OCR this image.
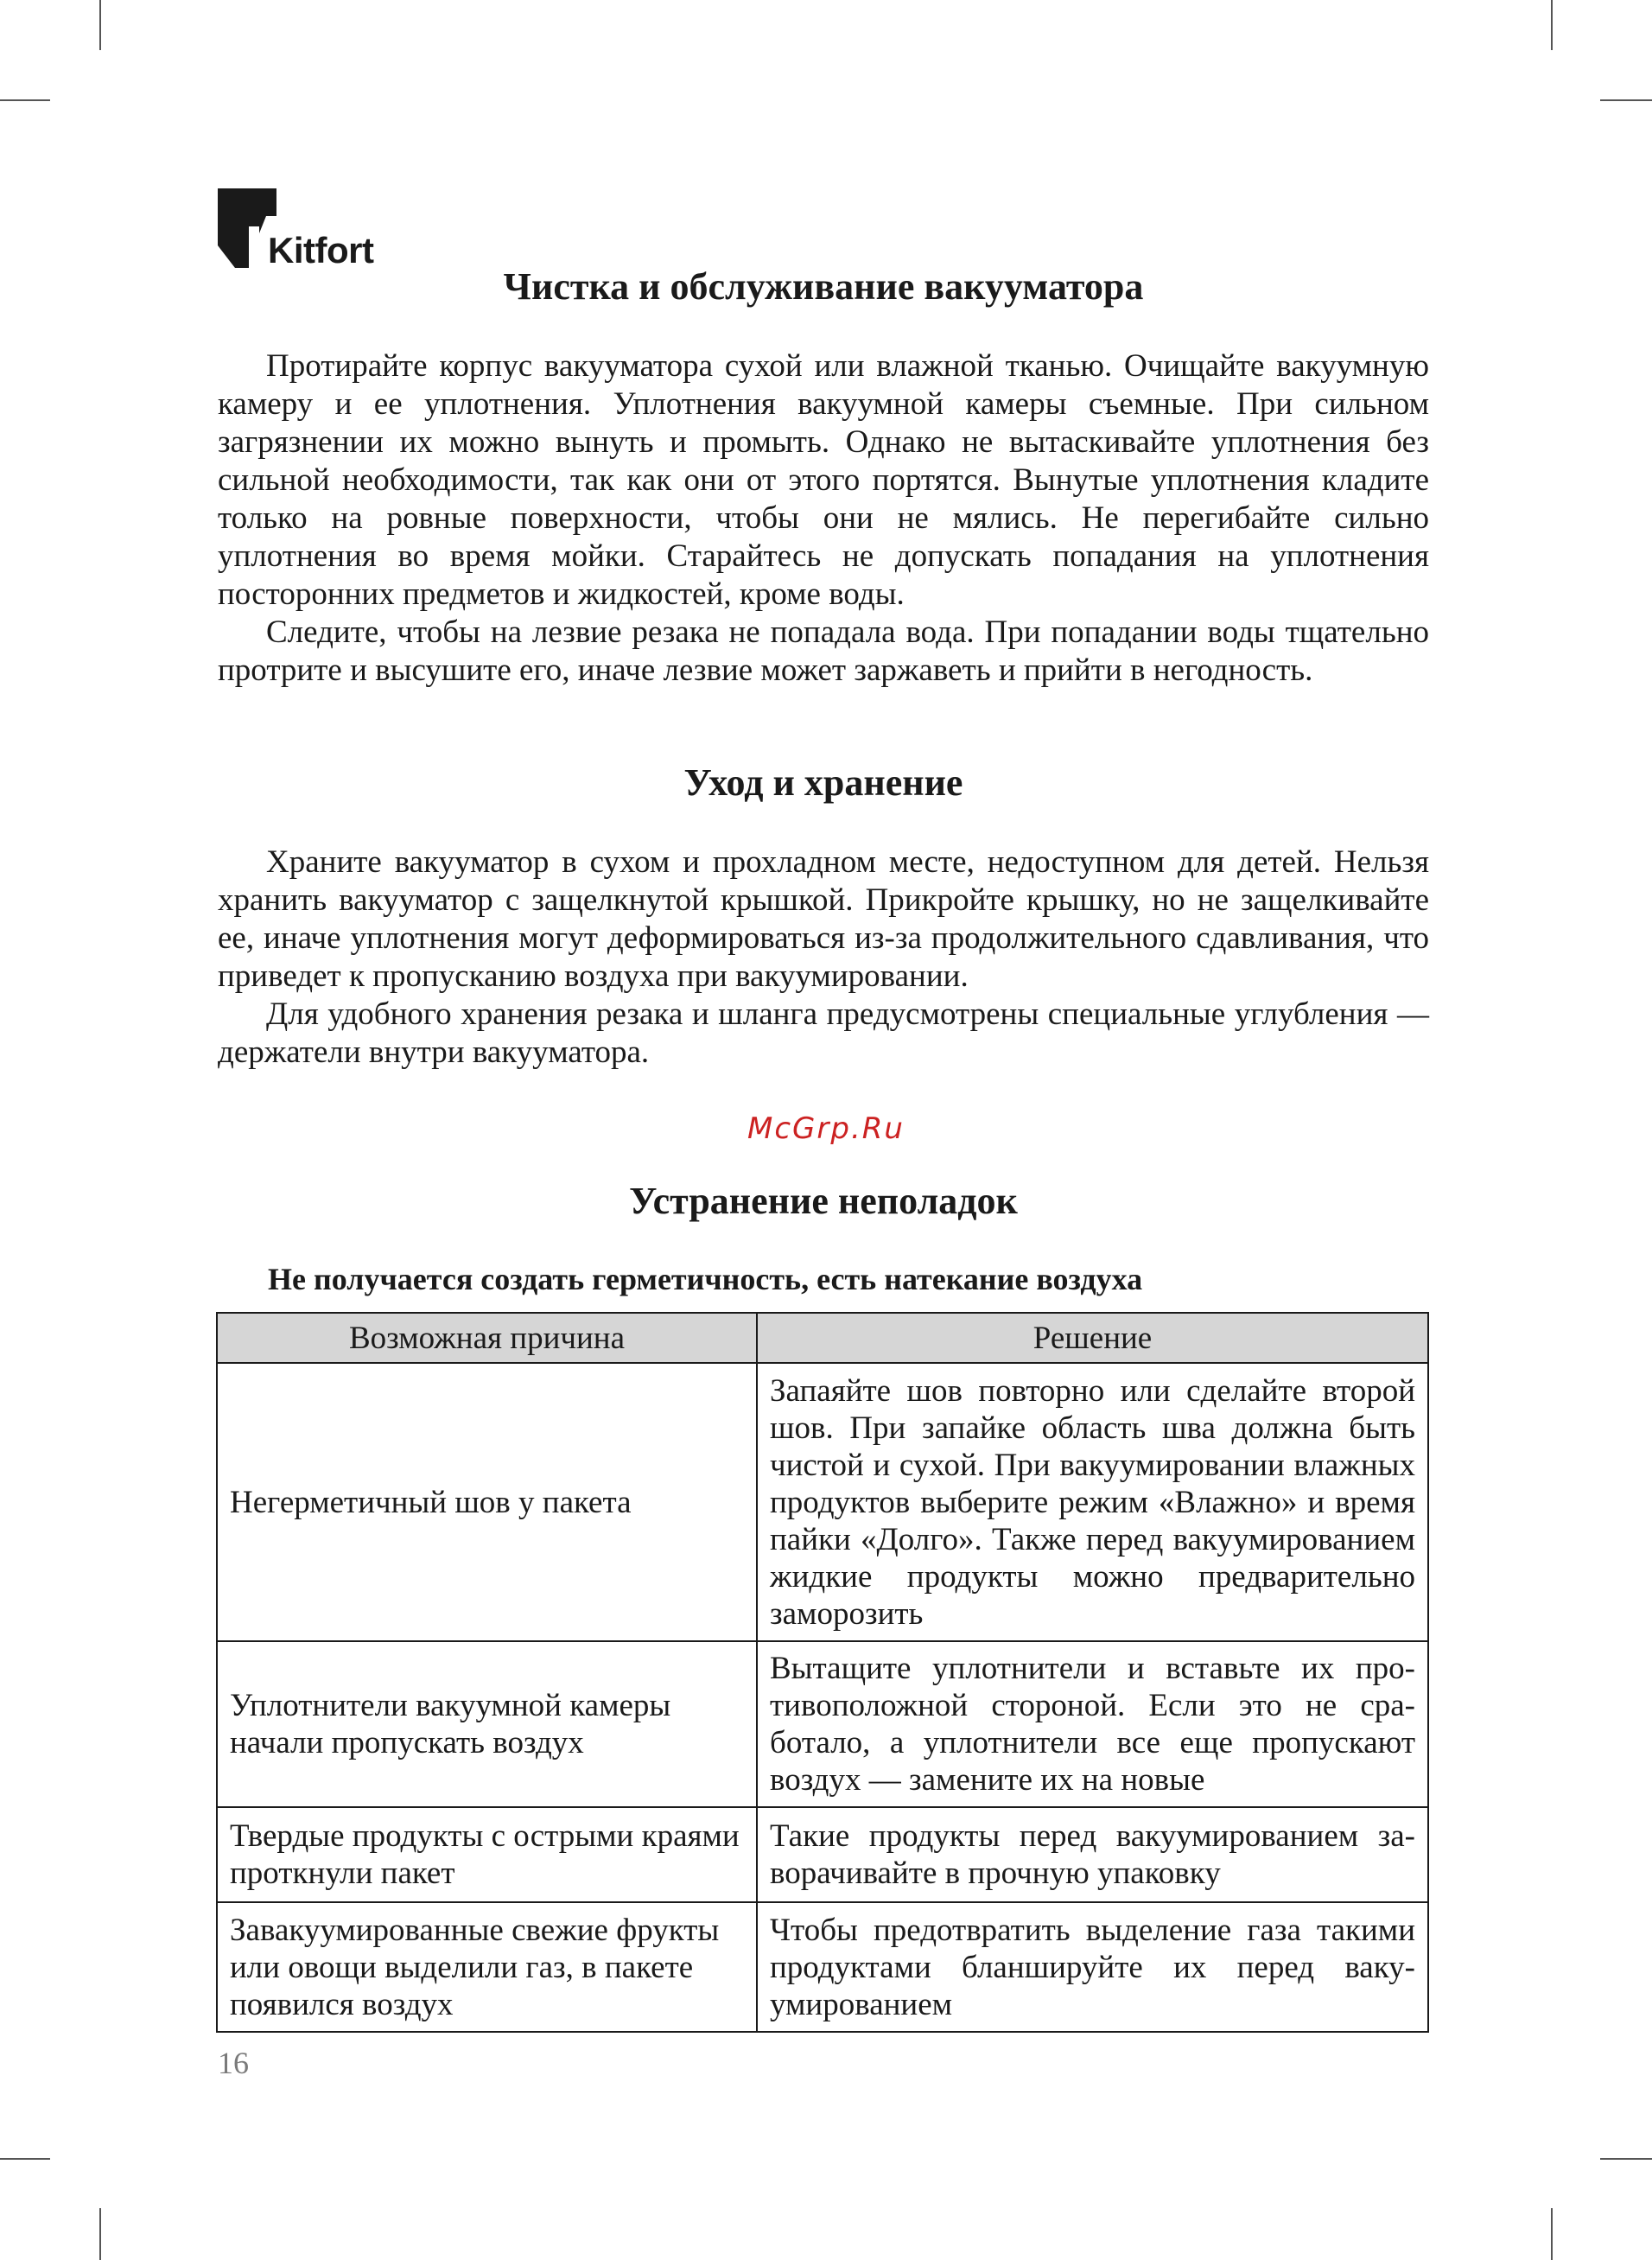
Kitfort
Чистка и обслуживание вакууматора

Протирайте корпус вакууматора сухой или влажной тканью. Очищайте вакуумную камеру и ее уплотнения. Уплотнения вакуумной камеры съемные. При сильном загрязнении их можно вынуть и промыть. Однако не вытаскивайте уплотнения без сильной необходимости, так как они от этого портятся. Вынутые уплотнения кладите только на ровные поверхности, чтобы они не мялись. Не перегибайте сильно уплотнения во время мойки. Старайтесь не допускать попадания на уплотнения посторонних предметов и жидкостей, кроме воды.

Следите, чтобы на лезвие резака не попадала вода. При попадании воды тщательно протрите и высушите его, иначе лезвие может заржаветь и прийти в негодность.

Уход и хранение

Храните вакууматор в сухом и прохладном месте, недоступном для детей. Нельзя хранить вакууматор с защелкнутой крышкой. Прикройте крышку, но не защелкивайте ее, иначе уплотнения могут деформироваться из-за продолжительного сдавливания, что приведет к пропусканию воздуха при вакуумировании.

Для удобного хранения резака и шланга предусмотрены специальные углубления — держатели внутри вакууматора.

McGrp.Ru
Устранение неполадок
Не получается создать герметичность, есть натекание воздуха
Возможная причина	Решение
Негерметичный шов у пакета	Запаяйте шов повторно или сделайте второй шов. При запайке область шва должна быть чистой и сухой. При вакуумировании влажных продуктов выберите режим «Влажно» и время пайки «Долго». Также перед вакуумированием жидкие продукты можно предварительно заморозить
Уплотнители вакуумной камеры начали пропускать воздух	Вытащите уплотнители и вставьте их противоположной стороной. Если это не сработало, а уплотнители все еще пропускают воздух — замените их на новые
Твердые продукты с острыми краями проткнули пакет	Такие продукты перед вакуумированием заворачивайте в прочную упаковку
Завакуумированные свежие фрукты или овощи выделили газ, в пакете появился воздух	Чтобы предотвратить выделение газа такими продуктами бланшируйте их перед вакуумированием
16
